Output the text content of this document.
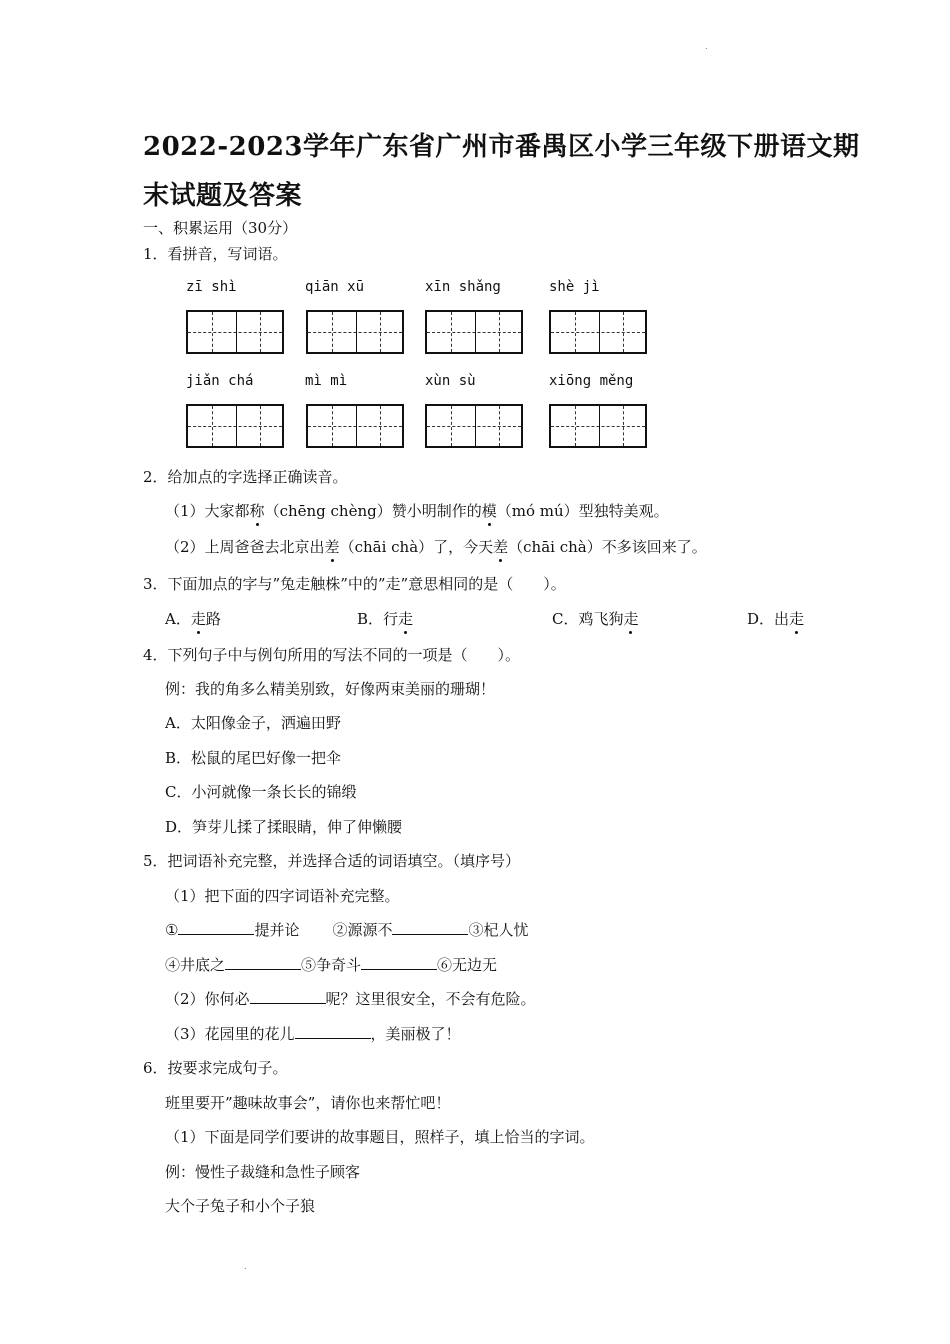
.
2022-2023学年广东省广州市番禺区小学三年级下册语文期
末试题及答案
一、积累运用（30分）
1．看拼音，写词语。
zī shì	qiān xū	xīn shǎng	shè jì
jiǎn chá	mì mì	xùn sù	xiōng měng
2．给加点的字选择正确读音。
（1）大家都称（chēng chèng）赞小明制作的模（mó mú）型独特美观。
（2）上周爸爸去北京出差（chāi chà）了，今天差（chāi chà）不多该回来了。
3．下面加点的字与”兔走触株”中的”走”意思相同的是（　　）。
A．走路	B．行走	C．鸡飞狗走	D．出走
4．下列句子中与例句所用的写法不同的一项是（　　）。
例：我的角多么精美别致，好像两束美丽的珊瑚！
A．太阳像金子，洒遍田野
B．松鼠的尾巴好像一把伞
C．小河就像一条长长的锦缎
D．笋芽儿揉了揉眼睛，伸了伸懒腰
5．把词语补充完整，并选择合适的词语填空。（填序号）
（1）把下面的四字词语补充完整。
①	提并论 ②源源不	③杞人忧
④井底之	⑤争奇斗	⑥无边无
（2）你何必	呢？这里很安全，不会有危险。
（3）花园里的花儿	，美丽极了！
6．按要求完成句子。
班里要开”趣味故事会”，请你也来帮忙吧！
（1）下面是同学们要讲的故事题目，照样子，填上恰当的字词。
例：慢性子裁缝和急性子顾客
大个子兔子和小个子狼
.
